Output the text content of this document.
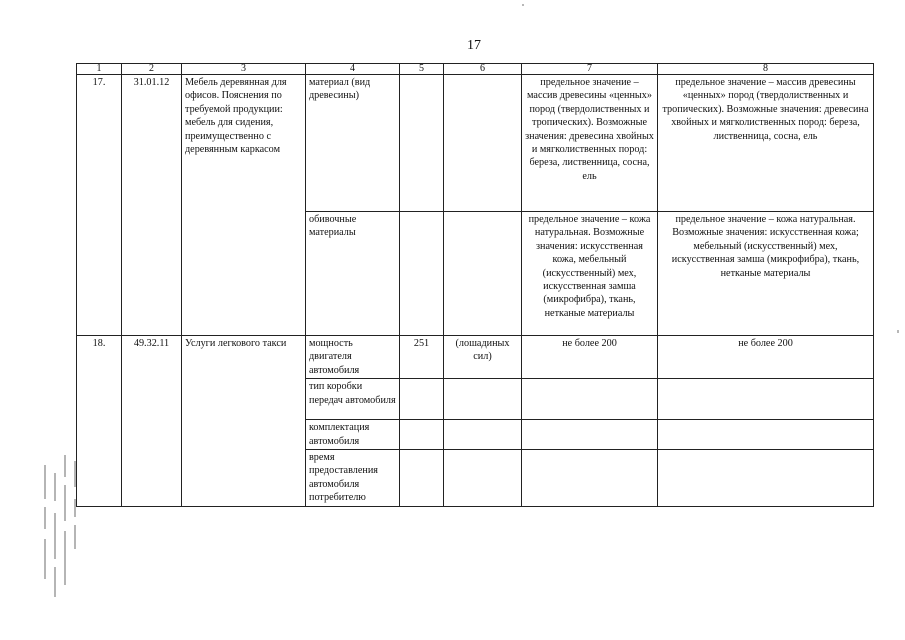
17
1	2	3	4	5	6	7	8
17.	31.01.12	Мебель деревянная для офисов. Пояснения по требуемой продукции: мебель для сидения, преимущественно с деревянным каркасом	материал (вид древесины)			предельное значение – массив древесины «ценных» пород (твердолиственных и тропических). Возможные значения: древесина хвойных и мягколиственных пород: береза, лиственница, сосна, ель	предельное значение – массив древесины «ценных» пород (твердолиственных и тропических). Возможные значения: древесина хвойных и мягколиственных пород: береза, лиственница, сосна, ель
			обивочные материалы			предельное значение – кожа натуральная. Возможные значения: искусственная кожа, мебельный (искусственный) мех, искусственная замша (микрофибра), ткань, нетканые материалы	предельное значение – кожа натуральная. Возможные значения: искусственная кожа; мебельный (искусственный) мех, искусственная замша (микрофибра), ткань, нетканые материалы
18.	49.32.11	Услуги легкового такси	мощность двигателя автомобиля	251	(лошадиных сил)	не более 200	не более 200
			тип коробки передач автомобиля				
			комплектация автомобиля				
			время предоставления автомобиля потребителю				
